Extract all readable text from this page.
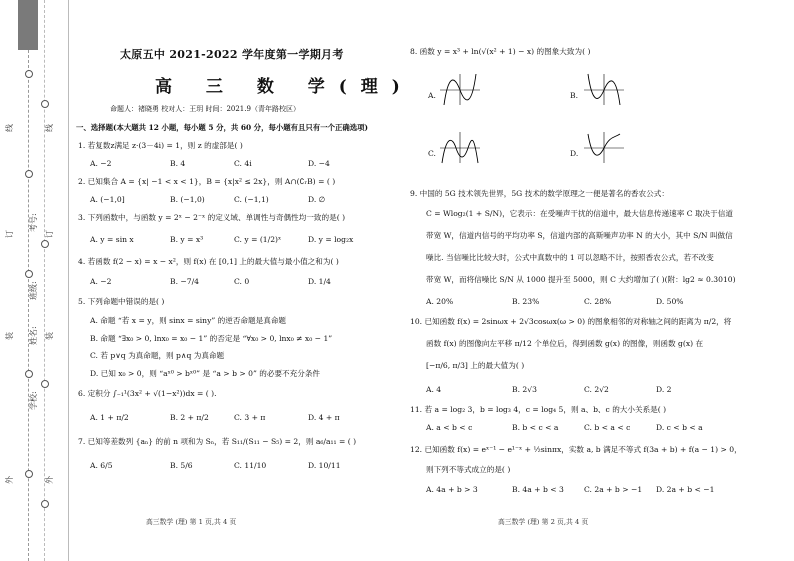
线
订
装
外
线
订
装
外
学校:
姓名:
班级:
考号:
太原五中 2021-2022 学年度第一学期月考
高 三 数 学(理)
命题人：褚晓勇 校对人：王玥 时间：2021.9（青年路校区）
一、选择题(本大题共 12 小题，每小题 5 分，共 60 分，每小题有且只有一个正确选项)
1. 若复数z满足 z·(3－4i) = 1，则 z 的虚部是( )
A. −2	B. 4	C. 4i	D. −4
2. 已知集合 A = {x| −1 < x < 1}，B = {x|x² ≤ 2x}，则 A∩(∁ᵣB) = ( )
A. (−1,0]	B. (−1,0)	C. (−1,1)	D. ∅
3. 下列函数中，与函数 y = 2ˣ − 2⁻ˣ 的定义域、单调性与奇偶性均一致的是( )
A. y = sin x	B. y = x³	C. y = (1/2)ˣ	D. y = log₂x
4. 若函数 f(2 − x) = x − x²，则 f(x) 在 [0,1] 上的最大值与最小值之和为( )
A. −2	B. −7/4	C. 0	D. 1/4
5. 下列命题中错误的是( )
A. 命题 “若 x = y，则 sinx = siny” 的逆否命题是真命题
B. 命题 “∃x₀ > 0, lnx₀ = x₀ − 1” 的否定是 “∀x₀ > 0, lnx₀ ≠ x₀ − 1”
C. 若 p∨q 为真命题，则 p∧q 为真命题
D. 已知 x₀ > 0，则 “aˣ⁰ > bˣ⁰” 是 “a > b > 0” 的必要不充分条件
6. 定积分 ∫₋₁¹(3x² + √(1−x²))dx = ( ).
A. 1 + π/2	B. 2 + π/2	C. 3 + π	D. 4 + π
7. 已知等差数列 {aₙ} 的前 n 项和为 Sₙ，若 S₁₁/(S₁₁ − S₅) = 2，则 a₆/a₁₁ = ( )
A. 6/5	B. 5/6	C. 11/10	D. 10/11
高三数学 (理) 第 1 页,共 4 页
8. 函数 y = x³ + ln(√(x² + 1) − x) 的图象大致为( )
A.	B.
C.	D.
9. 中国的 5G 技术领先世界，5G 技术的数学原理之一便是著名的香农公式：
C = Wlog₂(1 + S/N)，它表示：在受噪声干扰的信道中，最大信息传递速率 C 取决于信道
带宽 W，信道内信号的平均功率 S，信道内部的高斯噪声功率 N 的大小，其中 S/N 叫做信
噪比. 当信噪比比较大时，公式中真数中的 1 可以忽略不计，按照香农公式，若不改变
带宽 W，而将信噪比 S/N 从 1000 提升至 5000，则 C 大约增加了( )(附：lg2 ≈ 0.3010)
A. 20%	B. 23%	C. 28%	D. 50%
10. 已知函数 f(x) = 2sinωx + 2√3cosωx(ω > 0) 的图象相邻的对称轴之间的距离为 π/2，将
函数 f(x) 的图像向左平移 π/12 个单位后，得到函数 g(x) 的图像，则函数 g(x) 在
[−π/6, π/3] 上的最大值为( )
A. 4	B. 2√3	C. 2√2	D. 2
11. 若 a = log₂ 3，b = log₃ 4，c = log₄ 5，则 a、b、c 的大小关系是( )
A. a < b < c	B. b < c < a	C. b < a < c	D. c < b < a
12. 已知函数 f(x) = eˣ⁻¹ − e¹⁻ˣ + ½sinπx，实数 a, b 满足不等式 f(3a + b) + f(a − 1) > 0，
则下列不等式成立的是( )
A. 4a + b > 3	B. 4a + b < 3	C. 2a + b > −1 D. 2a + b < −1
高三数学 (理) 第 2 页,共 4 页
